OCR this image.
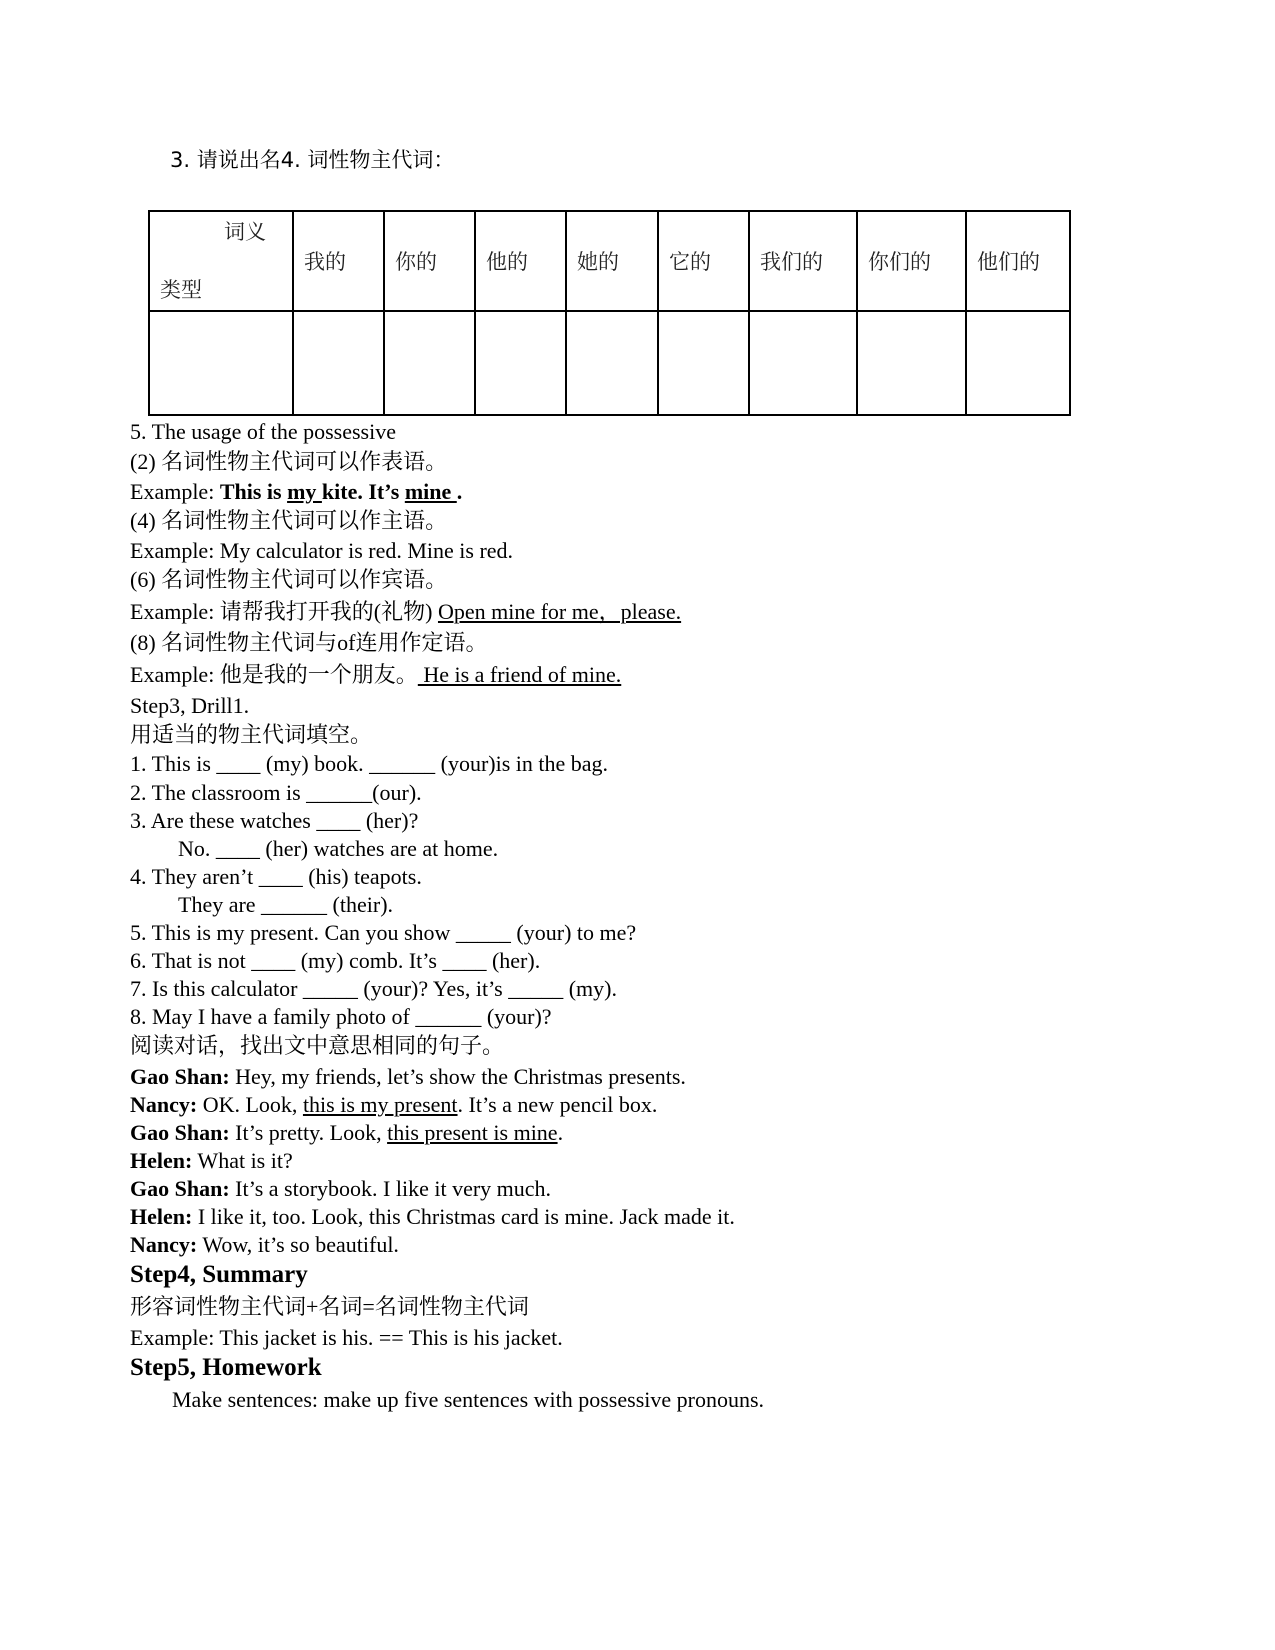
3. 请说出名4. 词性物主代词：
词义
类型	我的	你的	他的	她的	它的	我们的	你们的	他们的

5. The usage of the possessive
(2) 名词性物主代词可以作表语。
Example: This is my kite. It’s mine .
(4) 名词性物主代词可以作主语。
Example: My calculator is red. Mine is red.
(6) 名词性物主代词可以作宾语。
Example: 请帮我打开我的(礼物) Open mine for me，please.
(8) 名词性物主代词与of连用作定语。
Example: 他是我的一个朋友。 He is a friend of mine.
Step3, Drill1.
用适当的物主代词填空。
1. This is ____ (my) book. ______ (your)is in the bag.
2. The classroom is ______(our).
3. Are these watches ____ (her)?
No. ____ (her) watches are at home.
4. They aren’t ____ (his) teapots.
They are ______ (their).
5. This is my present. Can you show _____ (your) to me?
6. That is not ____ (my) comb. It’s ____ (her).
7. Is this calculator _____ (your)? Yes, it’s _____ (my).
8. May I have a family photo of ______ (your)?
阅读对话，找出文中意思相同的句子。
Gao Shan: Hey, my friends, let’s show the Christmas presents.
Nancy: OK. Look, this is my present. It’s a new pencil box.
Gao Shan: It’s pretty. Look, this present is mine.
Helen: What is it?
Gao Shan: It’s a storybook. I like it very much.
Helen: I like it, too. Look, this Christmas card is mine. Jack made it.
Nancy: Wow, it’s so beautiful.
Step4, Summary
形容词性物主代词+名词=名词性物主代词
Example: This jacket is his. == This is his jacket.
Step5, Homework
Make sentences: make up five sentences with possessive pronouns.
